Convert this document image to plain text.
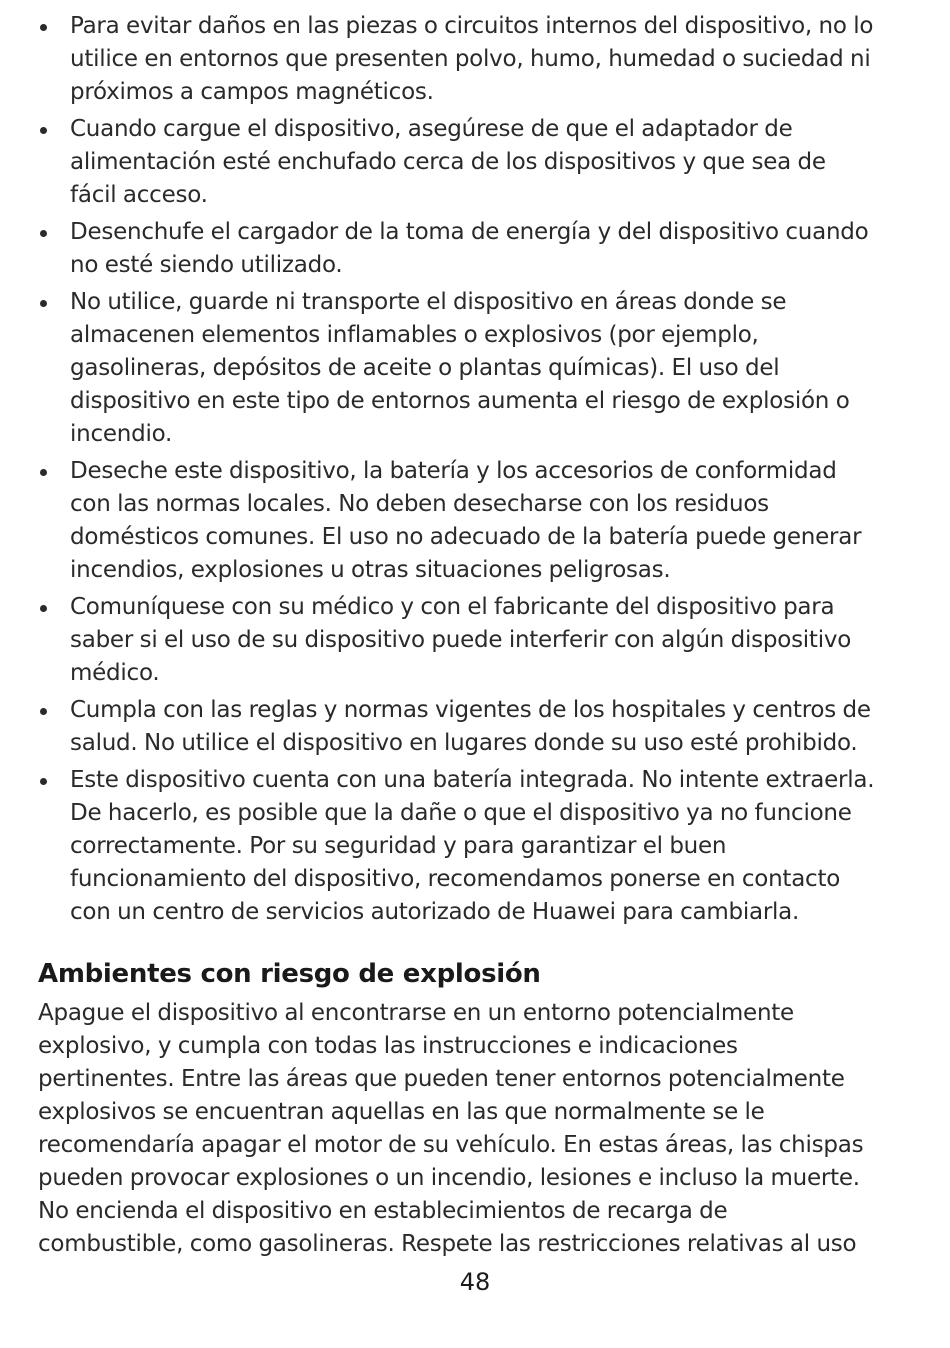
Para evitar daños en las piezas o circuitos internos del dispositivo, no lo utilice en entornos que presenten polvo, humo, humedad o suciedad ni próximos a campos magnéticos.
Cuando cargue el dispositivo, asegúrese de que el adaptador de alimentación esté enchufado cerca de los dispositivos y que sea de fácil acceso.
Desenchufe el cargador de la toma de energía y del dispositivo cuando no esté siendo utilizado.
No utilice, guarde ni transporte el dispositivo en áreas donde se almacenen elementos inflamables o explosivos (por ejemplo, gasolineras, depósitos de aceite o plantas químicas). El uso del dispositivo en este tipo de entornos aumenta el riesgo de explosión o incendio.
Deseche este dispositivo, la batería y los accesorios de conformidad con las normas locales. No deben desecharse con los residuos domésticos comunes. El uso no adecuado de la batería puede generar incendios, explosiones u otras situaciones peligrosas.
Comuníquese con su médico y con el fabricante del dispositivo para saber si el uso de su dispositivo puede interferir con algún dispositivo médico.
Cumpla con las reglas y normas vigentes de los hospitales y centros de salud. No utilice el dispositivo en lugares donde su uso esté prohibido.
Este dispositivo cuenta con una batería integrada. No intente extraerla. De hacerlo, es posible que la dañe o que el dispositivo ya no funcione correctamente. Por su seguridad y para garantizar el buen funcionamiento del dispositivo, recomendamos ponerse en contacto con un centro de servicios autorizado de Huawei para cambiarla.
Ambientes con riesgo de explosión

Apague el dispositivo al encontrarse en un entorno potencialmente explosivo, y cumpla con todas las instrucciones e indicaciones pertinentes. Entre las áreas que pueden tener entornos potencialmente explosivos se encuentran aquellas en las que normalmente se le recomendaría apagar el motor de su vehículo. En estas áreas, las chispas pueden provocar explosiones o un incendio, lesiones e incluso la muerte. No encienda el dispositivo en establecimientos de recarga de combustible, como gasolineras. Respete las restricciones relativas al uso

48
